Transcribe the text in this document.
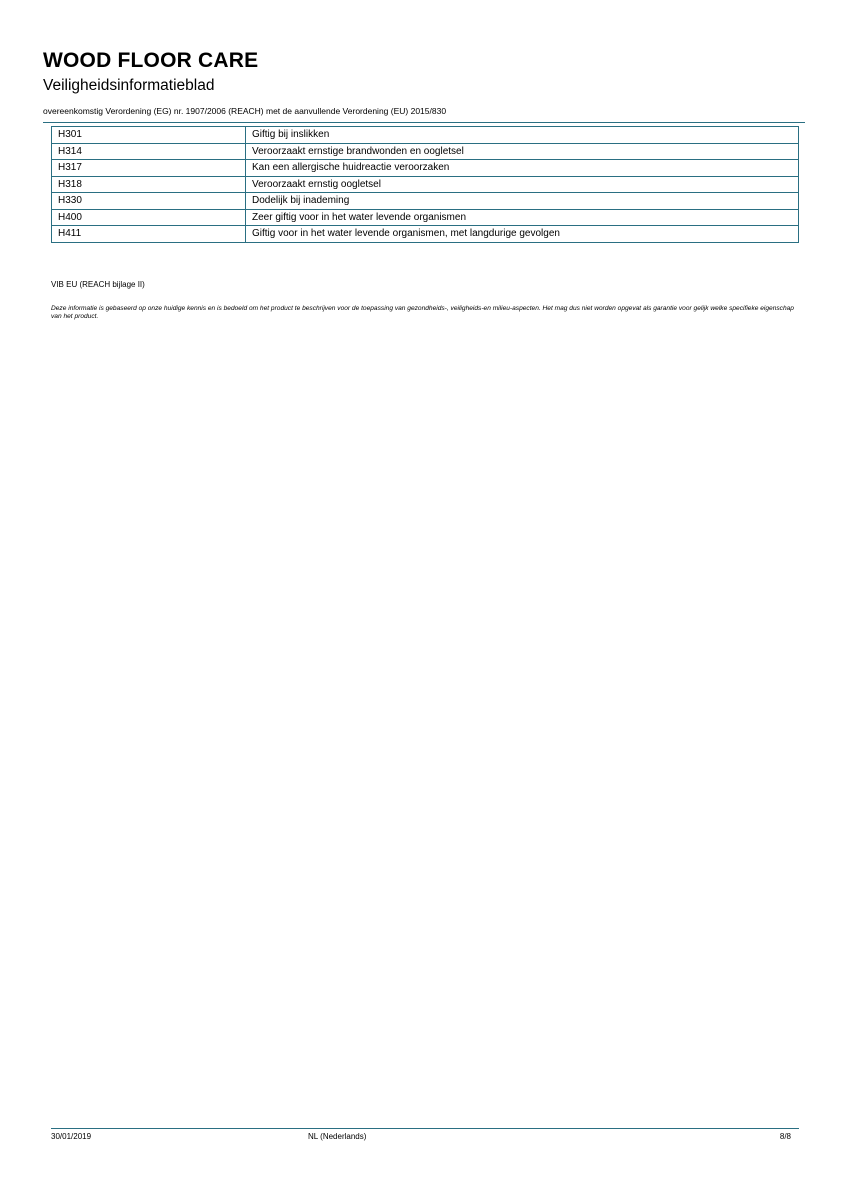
WOOD FLOOR CARE
Veiligheidsinformatieblad
overeenkomstig Verordening (EG) nr. 1907/2006 (REACH) met de aanvullende Verordening (EU) 2015/830
H301	Giftig bij inslikken
H314	Veroorzaakt ernstige brandwonden en oogletsel
H317	Kan een allergische huidreactie veroorzaken
H318	Veroorzaakt ernstig oogletsel
H330	Dodelijk bij inademing
H400	Zeer giftig voor in het water levende organismen
H411	Giftig voor in het water levende organismen, met langdurige gevolgen
VIB EU (REACH bijlage II)
Deze informatie is gebaseerd op onze huidige kennis en is bedoeld om het product te beschrijven voor de toepassing van gezondheids-, veiligheids-en milieu-aspecten. Het mag dus niet worden opgevat als garantie voor gelijk welke specifieke eigenschap van het product.
30/01/2019	NL (Nederlands)	8/8
